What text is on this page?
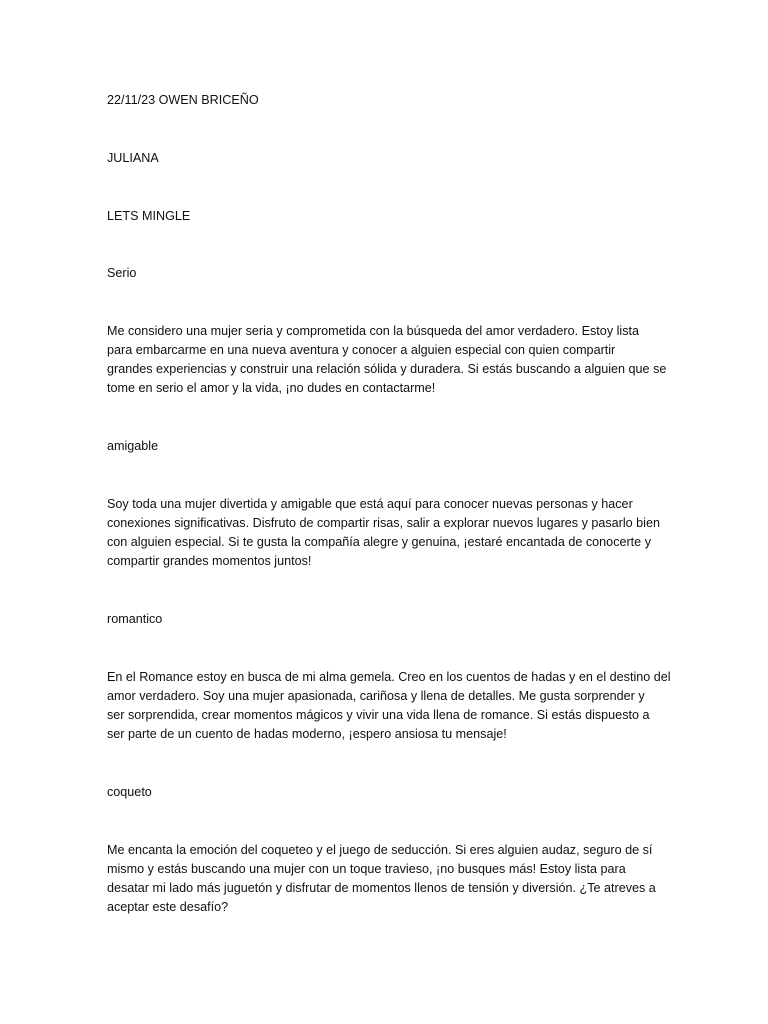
22/11/23 OWEN BRICEÑO
JULIANA
LETS MINGLE
Serio
Me considero una mujer seria y comprometida con la búsqueda del amor verdadero. Estoy lista
para embarcarme en una nueva aventura y conocer a alguien especial con quien compartir
grandes experiencias y construir una relación sólida y duradera. Si estás buscando a alguien que se
tome en serio el amor y la vida, ¡no dudes en contactarme!
amigable
Soy toda una mujer divertida y amigable que está aquí para conocer nuevas personas y hacer
conexiones significativas. Disfruto de compartir risas, salir a explorar nuevos lugares y pasarlo bien
con alguien especial. Si te gusta la compañía alegre y genuina, ¡estaré encantada de conocerte y
compartir grandes momentos juntos!
romantico
En el Romance estoy en busca de mi alma gemela. Creo en los cuentos de hadas y en el destino del
amor verdadero. Soy una mujer apasionada, cariñosa y llena de detalles. Me gusta sorprender y
ser sorprendida, crear momentos mágicos y vivir una vida llena de romance. Si estás dispuesto a
ser parte de un cuento de hadas moderno, ¡espero ansiosa tu mensaje!
coqueto
Me encanta la emoción del coqueteo y el juego de seducción. Si eres alguien audaz, seguro de sí
mismo y estás buscando una mujer con un toque travieso, ¡no busques más! Estoy lista para
desatar mi lado más juguetón y disfrutar de momentos llenos de tensión y diversión. ¿Te atreves a
aceptar este desafío?
